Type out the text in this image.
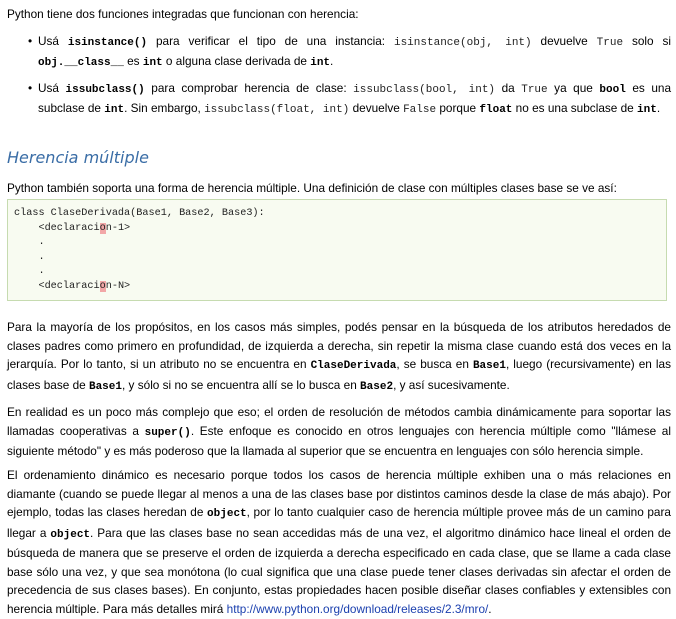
Python tiene dos funciones integradas que funcionan con herencia:
• Usá isinstance() para verificar el tipo de una instancia: isinstance(obj, int) devuelve True solo si obj.__class__ es int o alguna clase derivada de int.
• Usá issubclass() para comprobar herencia de clase: issubclass(bool, int) da True ya que bool es una subclase de int. Sin embargo, issubclass(float, int) devuelve False porque float no es una subclase de int.
Herencia múltiple
Python también soporta una forma de herencia múltiple. Una definición de clase con múltiples clases base se ve así:
class ClaseDerivada(Base1, Base2, Base3):
<declaracion-1>
.
.
.
<declaracion-N>

Para la mayoría de los propósitos, en los casos más simples, podés pensar en la búsqueda de los atributos heredados de clases padres como primero en profundidad, de izquierda a derecha, sin repetir la misma clase cuando está dos veces en la jerarquía. Por lo tanto, si un atributo no se encuentra en ClaseDerivada, se busca en Base1, luego (recursivamente) en las clases base de Base1, y sólo si no se encuentra allí se lo busca en Base2, y así sucesivamente.

En realidad es un poco más complejo que eso; el orden de resolución de métodos cambia dinámicamente para soportar las llamadas cooperativas a super(). Este enfoque es conocido en otros lenguajes con herencia múltiple como "llámese al siguiente método" y es más poderoso que la llamada al superior que se encuentra en lenguajes con sólo herencia simple.

El ordenamiento dinámico es necesario porque todos los casos de herencia múltiple exhiben una o más relaciones en diamante (cuando se puede llegar al menos a una de las clases base por distintos caminos desde la clase de más abajo). Por ejemplo, todas las clases heredan de object, por lo tanto cualquier caso de herencia múltiple provee más de un camino para llegar a object. Para que las clases base no sean accedidas más de una vez, el algoritmo dinámico hace lineal el orden de búsqueda de manera que se preserve el orden de izquierda a derecha especificado en cada clase, que se llame a cada clase base sólo una vez, y que sea monótona (lo cual significa que una clase puede tener clases derivadas sin afectar el orden de precedencia de sus clases bases). En conjunto, estas propiedades hacen posible diseñar clases confiables y extensibles con herencia múltiple. Para más detalles mirá http://www.python.org/download/releases/2.3/mro/.
